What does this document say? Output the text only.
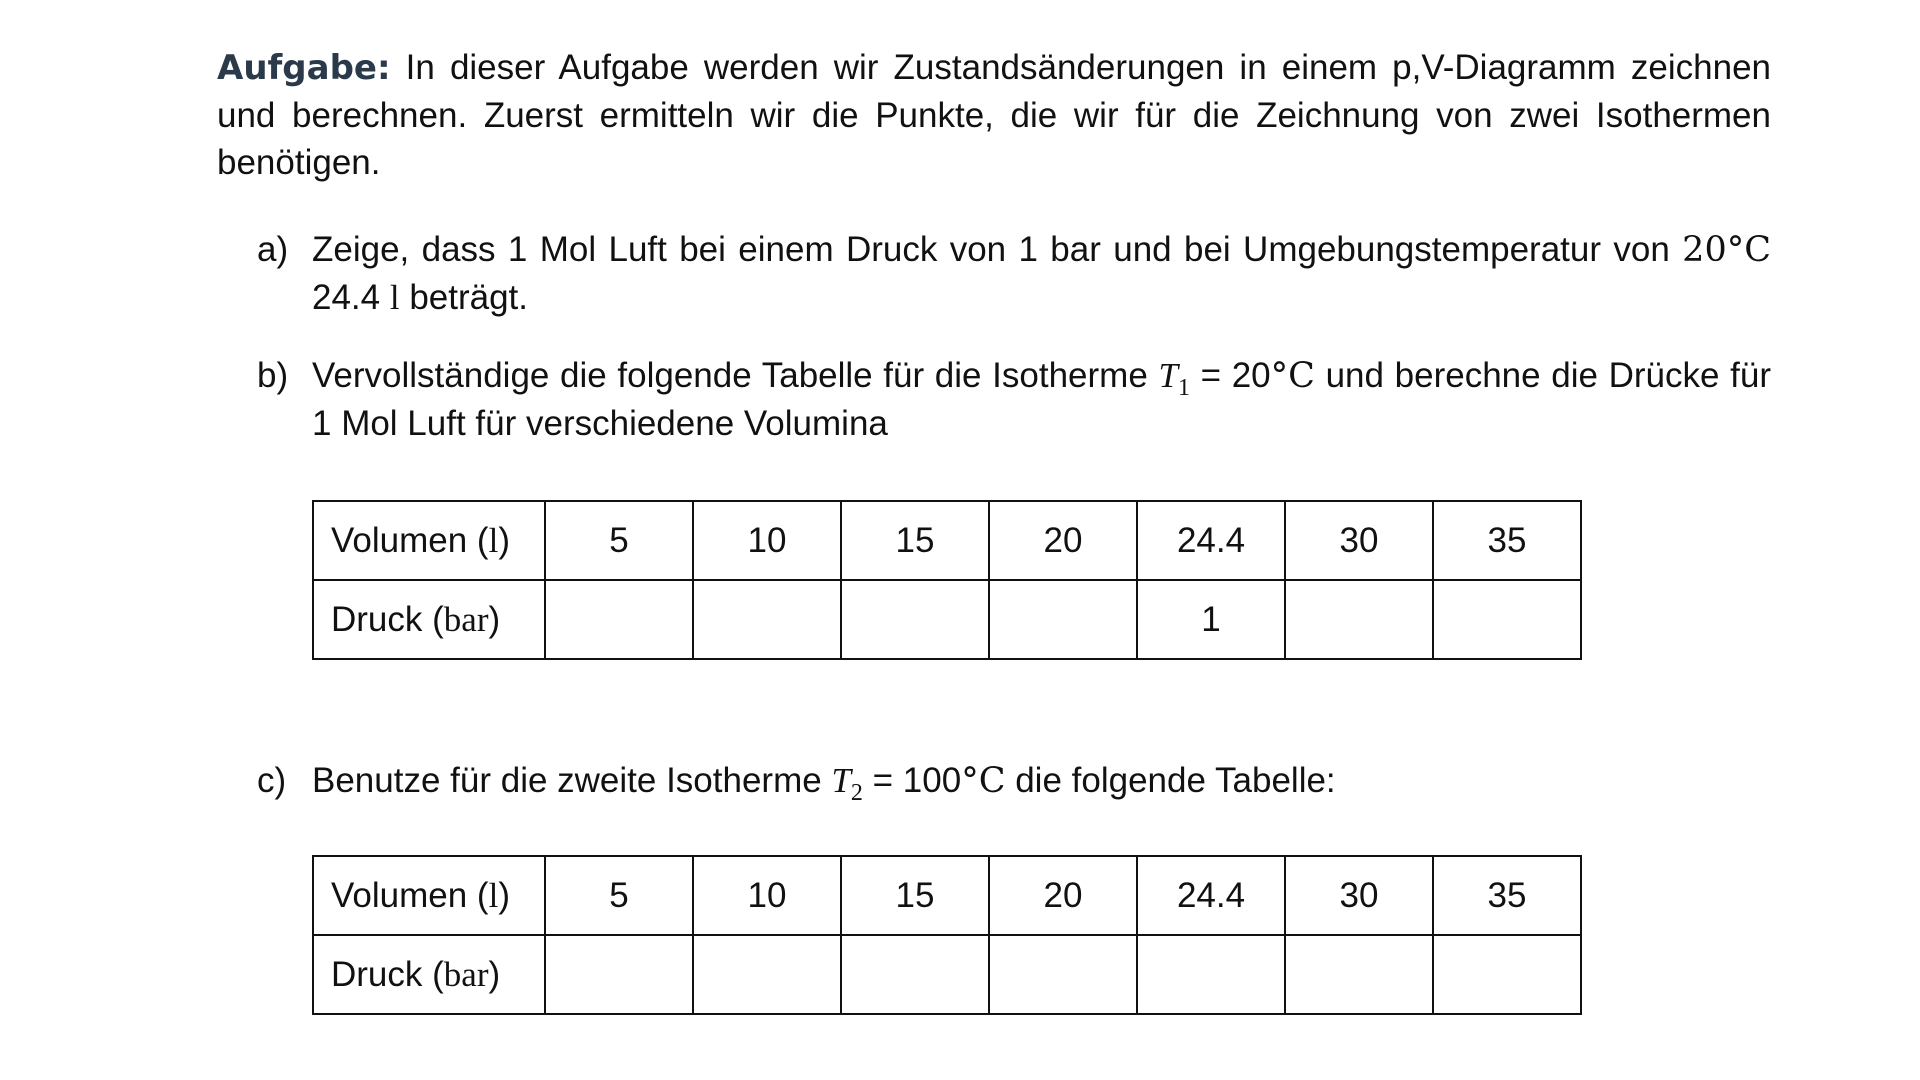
Aufgabe: In dieser Aufgabe werden wir Zustandsänderungen in einem p,V-Diagramm zeichnen und berechnen. Zuerst ermitteln wir die Punkte, die wir für die Zeichnung von zwei Isothermen benötigen.

a) Zeige, dass 1 Mol Luft bei einem Druck von 1 bar und bei Umgebungstemperatur von 20°C 24.4 l beträgt.

b) Vervollständige die folgende Tabelle für die Isotherme $T_1 = 20^\circ C$ und berechne die Drücke für 1 Mol Luft für verschiedene Volumina

Volumen (l)	5	10	15	20	24.4	30	35
Druck (bar)					1		

c) Benutze für die zweite Isotherme $T_2 = 100^\circ C$ die folgende Tabelle:

Volumen (l)	5	10	15	20	24.4	30	35
Druck (bar)							
